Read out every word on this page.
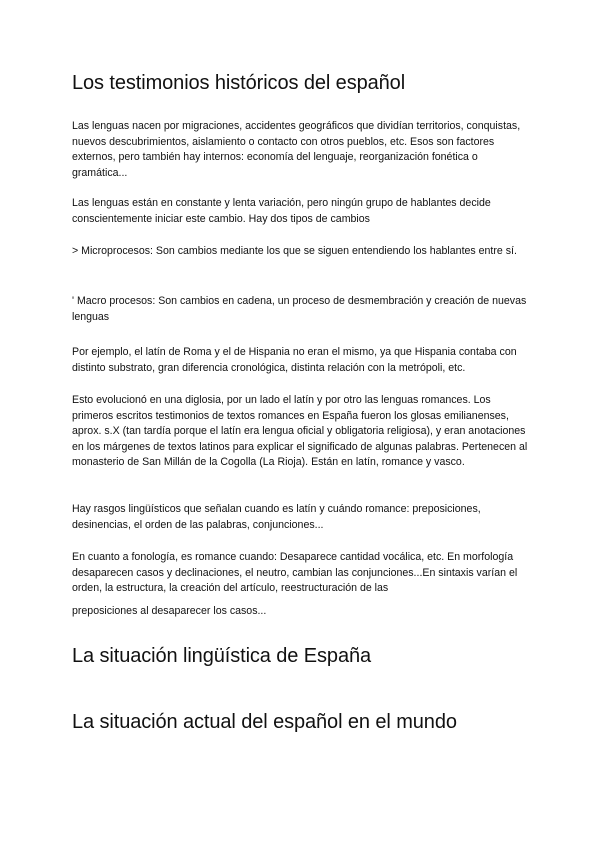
Los testimonios históricos del español

Las lenguas nacen por migraciones, accidentes geográficos que dividían territorios, conquistas, nuevos descubrimientos, aislamiento o contacto con otros pueblos, etc. Esos son factores externos, pero también hay internos: economía del lenguaje, reorganización fonética o gramática...

Las lenguas están en constante y lenta variación, pero ningún grupo de hablantes decide conscientemente iniciar este cambio. Hay dos tipos de cambios

> Microprocesos: Son cambios mediante los que se siguen entendiendo los hablantes entre sí.

' Macro procesos: Son cambios en cadena, un proceso de desmembración y creación de nuevas lenguas

Por ejemplo, el latín de Roma y el de Hispania no eran el mismo, ya que Hispania contaba con distinto substrato, gran diferencia cronológica, distinta relación con la metrópoli, etc.

Esto evolucionó en una diglosia, por un lado el latín y por otro las lenguas romances. Los primeros escritos testimonios de textos romances en España fueron los glosas emilianenses, aprox. s.X (tan tardía porque el latín era lengua oficial y obligatoria religiosa), y eran anotaciones en los márgenes de textos latinos para explicar el significado de algunas palabras. Pertenecen al monasterio de San Millán de la Cogolla (La Rioja). Están en latín, romance y vasco.

Hay rasgos lingüísticos que señalan cuando es latín y cuándo romance: preposiciones, desinencias, el orden de las palabras, conjunciones...

En cuanto a fonología, es romance cuando: Desaparece cantidad vocálica, etc. En morfología desaparecen casos y declinaciones, el neutro, cambian las conjunciones...En sintaxis varían el orden, la estructura, la creación del artículo, reestructuración de las

preposiciones al desaparecer los casos...

La situación lingüística de España
La situación actual del español en el mundo
